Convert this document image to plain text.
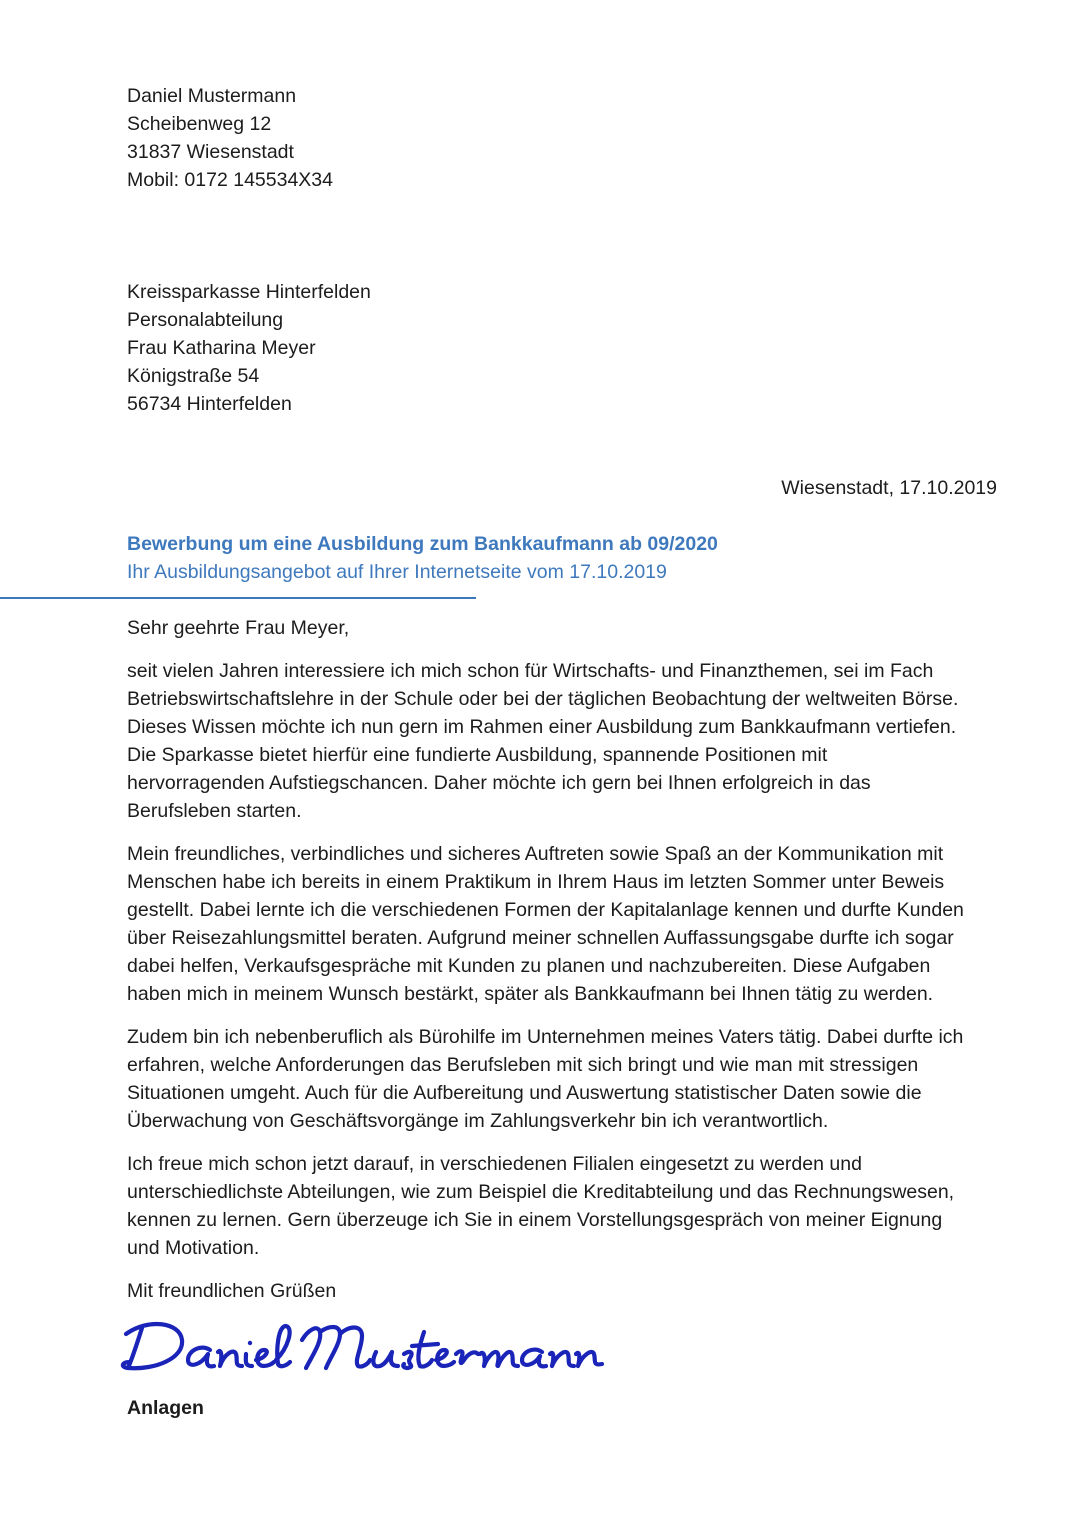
Daniel Mustermann
Scheibenweg 12
31837 Wiesenstadt
Mobil: 0172 145534X34
Kreissparkasse Hinterfelden
Personalabteilung
Frau Katharina Meyer
Königstraße 54
56734 Hinterfelden
Wiesenstadt, 17.10.2019
Bewerbung um eine Ausbildung zum Bankkaufmann ab 09/2020
Ihr Ausbildungsangebot auf Ihrer Internetseite vom 17.10.2019

Sehr geehrte Frau Meyer,

seit vielen Jahren interessiere ich mich schon für Wirtschafts- und Finanzthemen, sei im Fach
Betriebswirtschaftslehre in der Schule oder bei der täglichen Beobachtung der weltweiten Börse.
Dieses Wissen möchte ich nun gern im Rahmen einer Ausbildung zum Bankkaufmann vertiefen.
Die Sparkasse bietet hierfür eine fundierte Ausbildung, spannende Positionen mit
hervorragenden Aufstiegschancen. Daher möchte ich gern bei Ihnen erfolgreich in das
Berufsleben starten.

Mein freundliches, verbindliches und sicheres Auftreten sowie Spaß an der Kommunikation mit
Menschen habe ich bereits in einem Praktikum in Ihrem Haus im letzten Sommer unter Beweis
gestellt. Dabei lernte ich die verschiedenen Formen der Kapitalanlage kennen und durfte Kunden
über Reisezahlungsmittel beraten. Aufgrund meiner schnellen Auffassungsgabe durfte ich sogar
dabei helfen, Verkaufsgespräche mit Kunden zu planen und nachzubereiten. Diese Aufgaben
haben mich in meinem Wunsch bestärkt, später als Bankkaufmann bei Ihnen tätig zu werden.

Zudem bin ich nebenberuflich als Bürohilfe im Unternehmen meines Vaters tätig. Dabei durfte ich
erfahren, welche Anforderungen das Berufsleben mit sich bringt und wie man mit stressigen
Situationen umgeht. Auch für die Aufbereitung und Auswertung statistischer Daten sowie die
Überwachung von Geschäftsvorgänge im Zahlungsverkehr bin ich verantwortlich.

Ich freue mich schon jetzt darauf, in verschiedenen Filialen eingesetzt zu werden und
unterschiedlichste Abteilungen, wie zum Beispiel die Kreditabteilung und das Rechnungswesen,
kennen zu lernen. Gern überzeuge ich Sie in einem Vorstellungsgespräch von meiner Eignung
und Motivation.

Mit freundlichen Grüßen

Anlagen
